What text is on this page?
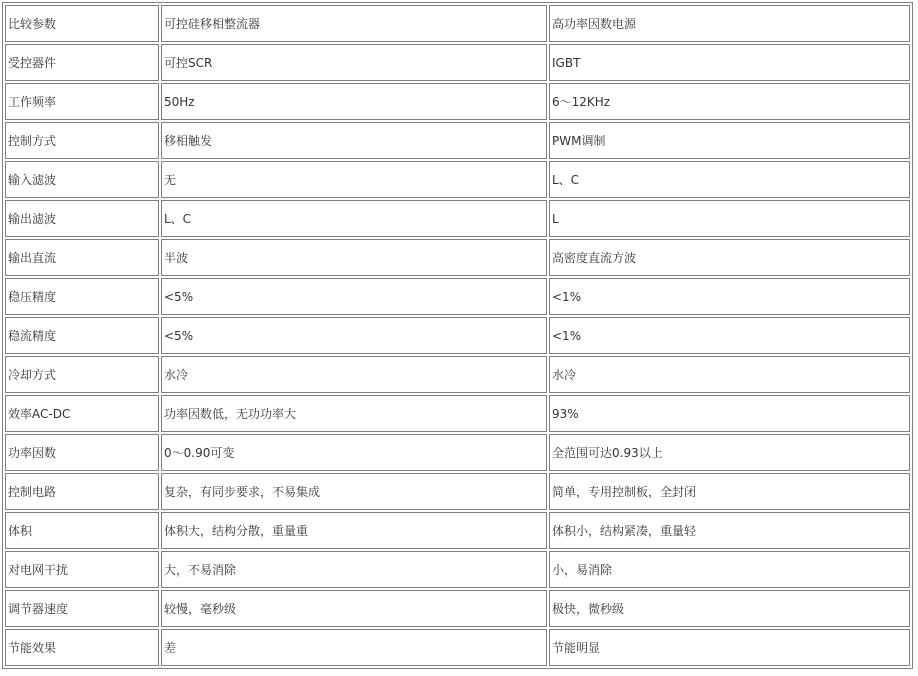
比较参数	可控硅移相整流器	高功率因数电源
受控器件	可控SCR	IGBT
工作频率	50Hz	6～12KHz
控制方式	移相触发	PWM调制
输入滤波	无	L、C
输出滤波	L、C	L
输出直流	半波	高密度直流方波
稳压精度	<5%	<1%
稳流精度	<5%	<1%
冷却方式	水冷	水冷
效率AC-DC	功率因数低，无功功率大	93%
功率因数	0～0.90可变	全范围可达0.93以上
控制电路	复杂，有同步要求，不易集成	简单，专用控制板，全封闭
体积	体积大，结构分散，重量重	体积小，结构紧凑，重量轻
对电网干扰	大，不易消除	小，易消除
调节器速度	较慢，毫秒级	极快，微秒级
节能效果	差	节能明显
